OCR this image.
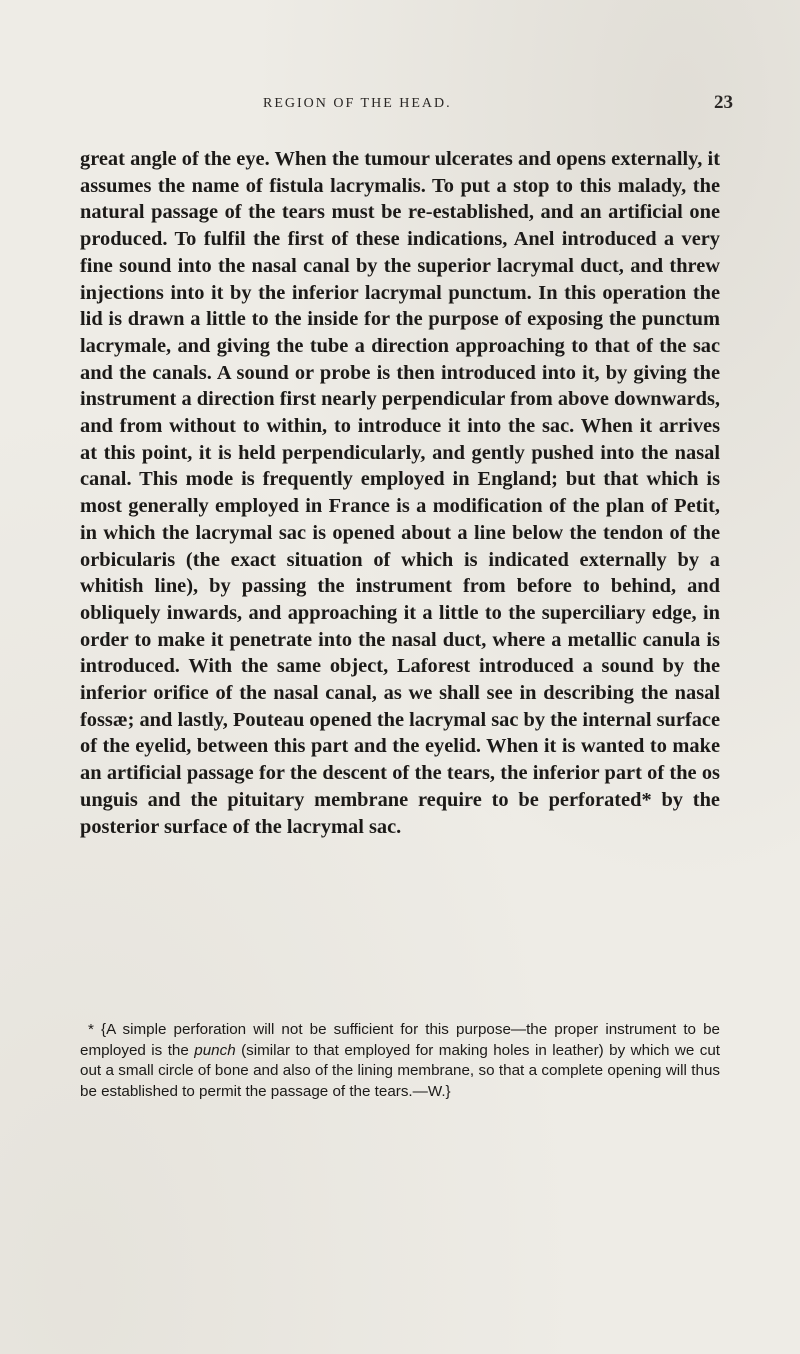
REGION OF THE HEAD.	23

great angle of the eye. When the tumour ulcerates and opens externally, it assumes the name of fistula lacrymalis. To put a stop to this malady, the natural passage of the tears must be re-established, and an artificial one produced. To fulfil the first of these indications, Anel introduced a very fine sound into the nasal canal by the superior lacrymal duct, and threw injections into it by the inferior lacrymal punctum. In this operation the lid is drawn a little to the inside for the purpose of exposing the punctum lacrymale, and giving the tube a direction approaching to that of the sac and the canals. A sound or probe is then introduced into it, by giving the instrument a direction first nearly perpendicular from above downwards, and from without to within, to introduce it into the sac. When it arrives at this point, it is held perpendicularly, and gently pushed into the nasal canal. This mode is frequently employed in England; but that which is most generally employed in France is a modification of the plan of Petit, in which the lacrymal sac is opened about a line below the tendon of the orbicularis (the exact situation of which is indicated externally by a whitish line), by passing the instrument from before to behind, and obliquely inwards, and approaching it a little to the superciliary edge, in order to make it penetrate into the nasal duct, where a metallic canula is introduced. With the same object, Laforest introduced a sound by the inferior orifice of the nasal canal, as we shall see in describing the nasal fossæ; and lastly, Pouteau opened the lacrymal sac by the internal surface of the eyelid, between this part and the eyelid. When it is wanted to make an artificial passage for the descent of the tears, the inferior part of the os unguis and the pituitary membrane require to be perforated* by the posterior surface of the lacrymal sac.

* {A simple perforation will not be sufficient for this purpose—the proper instrument to be employed is the punch (similar to that employed for making holes in leather) by which we cut out a small circle of bone and also of the lining membrane, so that a complete opening will thus be established to permit the passage of the tears.—W.}
